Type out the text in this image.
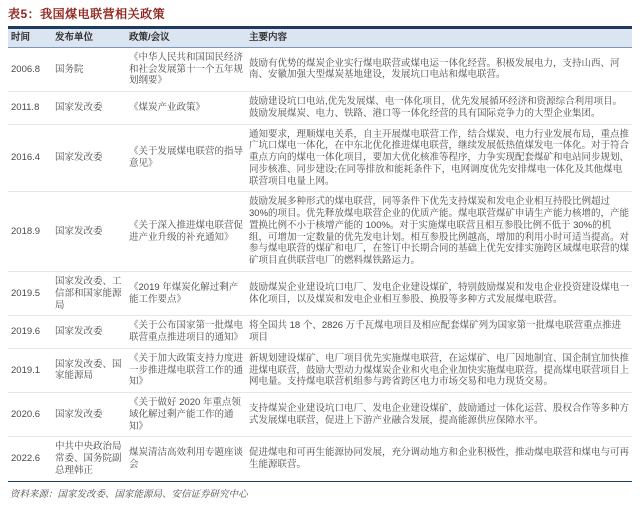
表5：我国煤电联营相关政策
时间	发布单位	政策/会议	主要内容
2006.8	国务院	《中华人民共和国国民经济和社会发展第十一个五年规划纲要》	鼓励有优势的煤炭企业实行煤电联营或煤电运一体化经营。积极发展电力，支持山西、河南、安徽加强大型煤炭基地建设，发展坑口电站和煤电联营。
2011.8	国家发改委	《煤炭产业政策》	鼓励建设坑口电站,优先发展煤、电一体化项目，优先发展循环经济和资源综合利用项目。鼓励发展煤炭、电力、铁路、港口等一体化经营的具有国际竞争力的大型企业集团。
2016.4	国家发改委	《关于发展煤电联营的指导意见》	通知要求，理顺煤电关系，自主开展煤电联营工作，结合煤炭、电力行业发展布局，重点推广坑口煤电一体化，在中东北优化推进煤电联营，继续发展低热值煤发电一体化。对于符合重点方向的煤电一体化项目，要加大优化核准等程序，力争实现配套煤矿和电站同步规划、同步核准、同步建设;在同等排放和能耗条件下，电网调度优先安排煤电一体化及其他煤电联营项目电量上网。
2018.9	国家发改委	《关于深入推进煤电联营促进产业升级的补充通知》	鼓励发展多种形式的煤电联营，同等条件下优先支持煤炭和发电企业相互持股比例超过 30%的项目。优先释放煤电联营企业的优质产能。煤电联营煤矿申请生产能力核增的，产能置换比例不小于核增产能的 100%。对于实施煤电联营且相互参股比例不低于 30%的机组，可增加一定数量的优先发电计划。相互参股比例越高，增加的利用小时可适当提高。对参与煤电联营的煤矿和电厂，在签订中长期合同的基础上优先安排实施跨区域煤电联营的煤矿项目直供联营电厂的燃料煤铁路运力。
2019.5	国家发改委、工信部和国家能源局	《2019 年煤炭化解过剩产能工作要点》	鼓励煤炭企业建设坑口电厂、发电企业建设煤矿，特别鼓励煤炭和发电企业投资建设煤电一体化项目，以及煤炭和发电企业相互参股、换股等多种方式发展煤电联营。
2019.6	国家发改委	《关于公布国家第一批煤电联营重点推进项目的通知》	将全国共 18 个、2826 万千瓦煤电项目及相应配套煤矿列为国家第一批煤电联营重点推进项目
2019.1	国家发改委、国家能源局	《关于加大政策支持力度进一步推进煤电联营工作的通知》	新规划建设煤矿、电厂项目优先实施煤电联营，在运煤矿、电厂因地制宜、国企制宜加快推进煤电联营，鼓励大型动力煤煤炭企业和火电企业加快实施煤电联营。提高煤电联营项目上网电量。支持煤电联营机组参与跨省跨区电力市场交易和电力现货交易。
2020.6	国家发改委	《关于做好 2020 年重点领域化解过剩产能工作的通知》	支持煤炭企业建设坑口电厂、发电企业建设煤矿，鼓励通过一体化运营、股权合作等多种方式发展煤电联营，促进上下游产业融合发展，提高能源供应保障水平。
2022.6	中共中央政治局常委、国务院副总理韩正	煤炭清洁高效利用专题座谈会	促进煤电和可再生能源协同发展，充分调动地方和企业积极性，推动煤电联营和煤电与可再生能源联营。
资料来源：国家发改委、国家能源局、安信证券研究中心
